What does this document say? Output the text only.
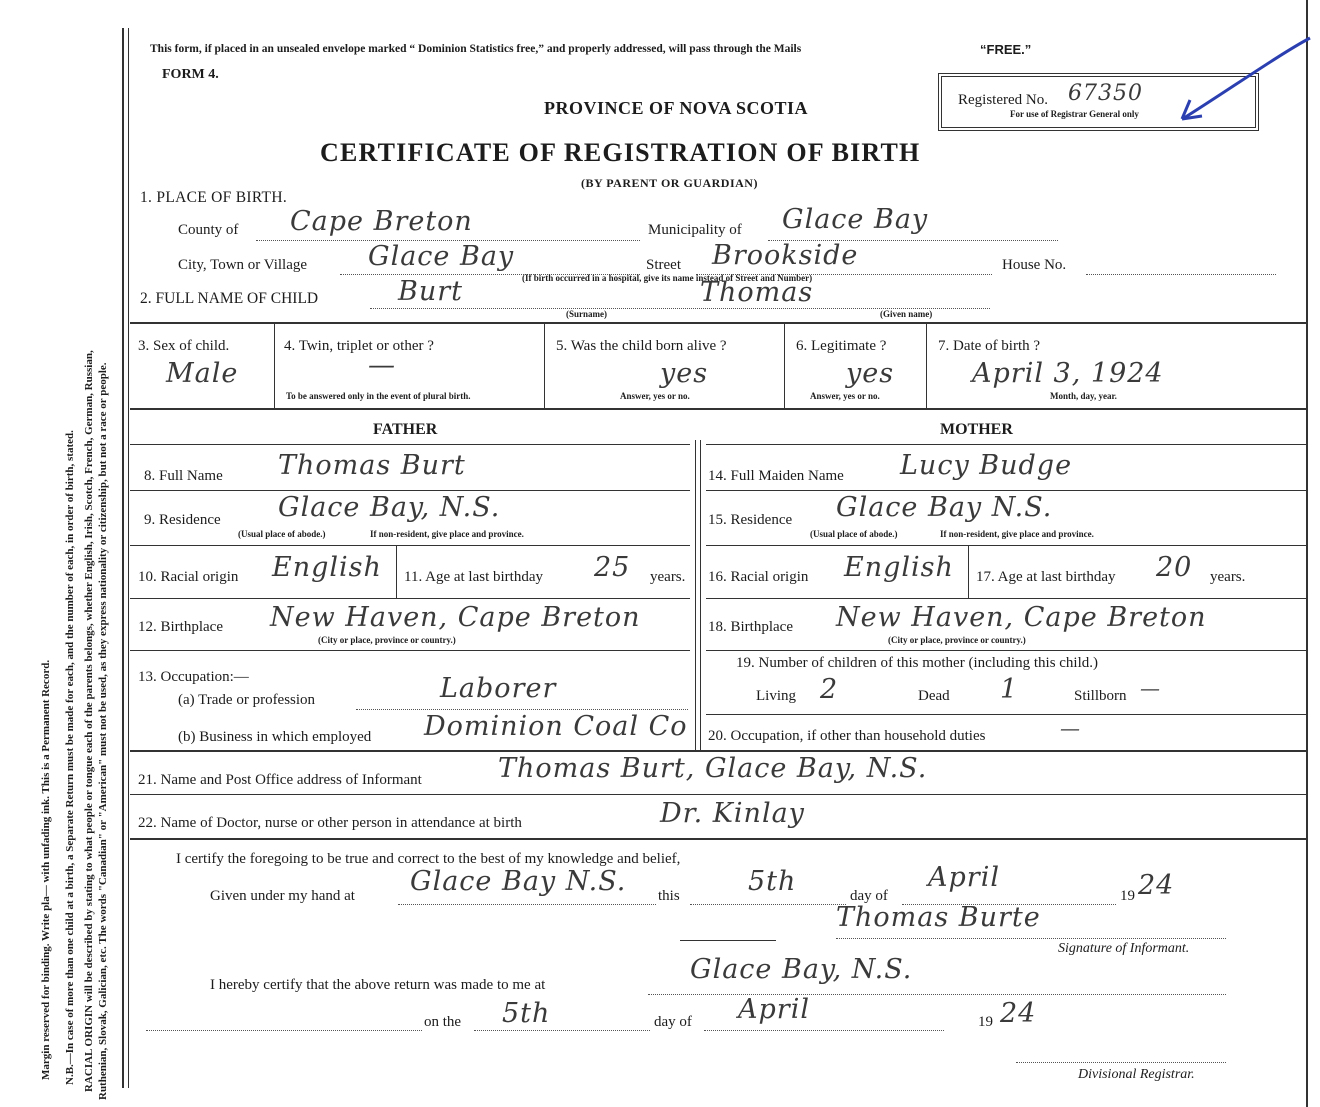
Margin reserved for binding. Write pla— with unfading ink. This is a Permanent Record. N.B.—In case of more than one child at a birth, a Separate Return must be made for each, and the number of each, in order of birth, stated. RACIAL ORIGIN will be described by stating to what people or tongue each of the parents belongs, whether English, Irish, Scotch, French, German, Russian, Ruthenian, Slovak, Galician, etc. The words "Canadian" or "American" must not be used, as they express nationality or citizenship, but not a race or people.
This form, if placed in an unsealed envelope marked “ Dominion Statistics free,” and properly addressed, will pass through the Mails	“FREE.”
FORM 4.
PROVINCE OF NOVA SCOTIA
CERTIFICATE OF REGISTRATION OF BIRTH
(BY PARENT OR GUARDIAN)
Registered No. 67350
For use of Registrar General only
1. PLACE OF BIRTH.
County of Cape Breton	Municipality of Glace Bay
City, Town or Village Glace Bay	Street Brookside	House No.
(If birth occurred in a hospital, give its name instead of Street and Number)
2. FULL NAME OF CHILD	Burt	Thomas
(Surname)	(Given name)
3. Sex of child.
Male
4. Twin, triplet or other ?
—
To be answered only in the event of plural birth.
5. Was the child born alive ?
yes
Answer, yes or no.
6. Legitimate ?
yes
Answer, yes or no.
7. Date of birth ?
April 3, 1924
Month, day, year.
FATHER	MOTHER
8. Full Name Thomas Burt	14. Full Maiden Name Lucy Budge
9. Residence Glace Bay, N.S.
(Usual place of abode.)	If non-resident, give place and province.
15. Residence Glace Bay N.S.
(Usual place of abode.)	If non-resident, give place and province.
10. Racial origin English 11. Age at last birthday 25 years. 16. Racial origin English 17. Age at last birthday 20 years.
12. Birthplace New Haven, Cape Breton
(City or place, province or country.)
18. Birthplace New Haven, Cape Breton
(City or place, province or country.)
13. Occupation:—
(a) Trade or profession	Laborer
(b) Business in which employed Dominion Coal Co
19. Number of children of this mother (including this child.)
Living 2	Dead 1	Stillborn —
20. Occupation, if other than household duties	—
21. Name and Post Office address of Informant	Thomas Burt, Glace Bay, N.S.
22. Name of Doctor, nurse or other person in attendance at birth	Dr. Kinlay
I certify the foregoing to be true and correct to the best of my knowledge and belief,
Given under my hand at Glace Bay N.S. this	5th	day of
April
19 24
Thomas Burte
Signature of Informant.
I hereby certify that the above return was made to me at	Glace Bay, N.S.
on the 5th	day of April	19 24
Divisional Registrar.
